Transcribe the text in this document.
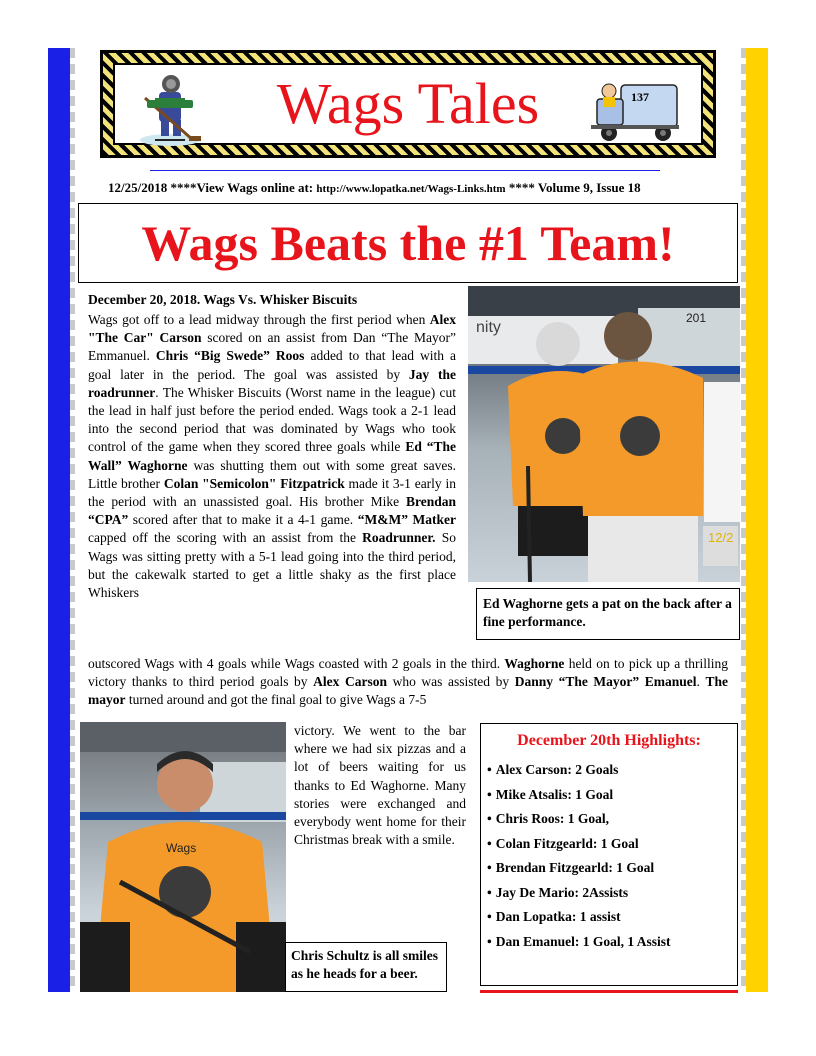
Wags Tales	137
12/25/2018 ****View Wags online at: http://www.lopatka.net/Wags-Links.htm **** Volume 9, Issue 18
Wags Beats the #1 Team!
December 20, 2018. Wags Vs. Whisker Biscuits
Wags got off to a lead midway through the first period when Alex "The Car" Carson scored on an assist from Dan “The Mayor” Emmanuel. Chris “Big Swede” Roos added to that lead with a goal later in the period. The goal was assisted by Jay the roadrunner. The Whisker Biscuits (Worst name in the league) cut the lead in half just before the period ended. Wags took a 2-1 lead into the second period that was dominated by Wags who took control of the game when they scored three goals while Ed “The Wall” Waghorne was shutting them out with some great saves. Little brother Colan "Semicolon" Fitzpatrick made it 3-1 early in the period with an unassisted goal. His brother Mike Brendan “CPA” scored after that to make it a 4-1 game. “M&M” Matker capped off the scoring with an assist from the Roadrunner. So Wags was sitting pretty with a 5-1 lead going into the third period, but the cakewalk started to get a little shaky as the first place Whiskers
nity
201
12/2
Ed Waghorne gets a pat on the back after a fine performance.
outscored Wags with 4 goals while Wags coasted with 2 goals in the third. Waghorne held on to pick up a thrilling victory thanks to third period goals by Alex Carson who was assisted by Danny “The Mayor” Emanuel. The mayor turned around and got the final goal to give Wags a 7-5
Wags
victory. We went to the bar where we had six pizzas and a lot of beers waiting for us thanks to Ed Waghorne. Many stories were exchanged and everybody went home for their Christmas break with a smile.
Chris Schultz is all smiles as he heads for a beer.
December 20th Highlights:
• Alex Carson: 2 Goals
• Mike Atsalis: 1 Goal
• Chris Roos: 1 Goal,
• Colan Fitzgearld: 1 Goal
• Brendan Fitzgearld: 1 Goal
• Jay De Mario: 2Assists
• Dan Lopatka: 1 assist
• Dan Emanuel: 1 Goal, 1 Assist
